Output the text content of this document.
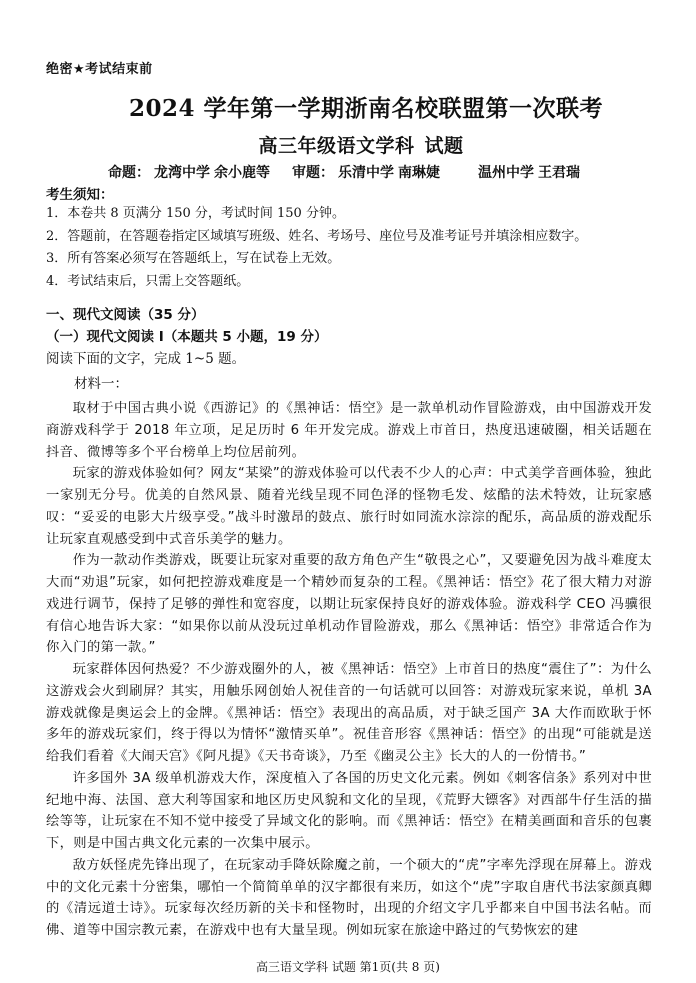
绝密★考试结束前
2024 学年第一学期浙南名校联盟第一次联考
高三年级语文学科 试题
命题： 龙湾中学 余小鹿等 审题： 乐清中学 南琳婕	温州中学 王君瑞
考生须知：
1．本卷共 8 页满分 150 分，考试时间 150 分钟。
2．答题前，在答题卷指定区域填写班级、姓名、考场号、座位号及准考证号并填涂相应数字。
3．所有答案必须写在答题纸上，写在试卷上无效。
4．考试结束后，只需上交答题纸。
一、现代文阅读（35 分）
（一）现代文阅读 I（本题共 5 小题，19 分）
阅读下面的文字，完成 1~5 题。
材料一：

取材于中国古典小说《西游记》的《黑神话：悟空》是一款单机动作冒险游戏，由中国游戏开发商游戏科学于 2018 年立项，足足历时 6 年开发完成。游戏上市首日，热度迅速破圈，相关话题在抖音、微博等多个平台榜单上均位居前列。

玩家的游戏体验如何？网友“某梁”的游戏体验可以代表不少人的心声：中式美学音画体验，独此一家别无分号。优美的自然风景、随着光线呈现不同色泽的怪物毛发、炫酷的法术特效，让玩家感叹：“妥妥的电影大片级享受。”战斗时激昂的鼓点、旅行时如同流水淙淙的配乐，高品质的游戏配乐让玩家直观感受到中式音乐美学的魅力。

作为一款动作类游戏，既要让玩家对重要的敌方角色产生“敬畏之心”，又要避免因为战斗难度太大而“劝退”玩家，如何把控游戏难度是一个精妙而复杂的工程。《黑神话：悟空》花了很大精力对游戏进行调节，保持了足够的弹性和宽容度，以期让玩家保持良好的游戏体验。游戏科学 CEO 冯骥很有信心地告诉大家：“如果你以前从没玩过单机动作冒险游戏，那么《黑神话：悟空》非常适合作为你入门的第一款。”

玩家群体因何热爱？不少游戏圈外的人，被《黑神话：悟空》上市首日的热度“震住了”：为什么这游戏会火到刷屏？其实，用触乐网创始人祝佳音的一句话就可以回答：对游戏玩家来说，单机 3A 游戏就像是奥运会上的金牌。《黑神话：悟空》表现出的高品质，对于缺乏国产 3A 大作而欧耿于怀多年的游戏玩家们，终于得以为情怀“激情买单”。祝佳音形容《黑神话：悟空》的出现“可能就是送给我们看着《大闹天宫》《阿凡提》《天书奇谈》，乃至《幽灵公主》长大的人的一份情书。”

许多国外 3A 级单机游戏大作，深度植入了各国的历史文化元素。例如《刺客信条》系列对中世纪地中海、法国、意大利等国家和地区历史风貌和文化的呈现，《荒野大镖客》对西部牛仔生活的描绘等等，让玩家在不知不觉中接受了异域文化的影响。而《黑神话：悟空》在精美画面和音乐的包裹下，则是中国古典文化元素的一次集中展示。

敌方妖怪虎先锋出现了，在玩家动手降妖除魔之前，一个硕大的“虎”字率先浮现在屏幕上。游戏中的文化元素十分密集，哪怕一个简简单单的汉字都很有来历，如这个“虎”字取自唐代书法家颜真卿的《清远道士诗》。玩家每次经历新的关卡和怪物时，出现的介绍文字几乎都来自中国书法名帖。而佛、道等中国宗教元素，在游戏中也有大量呈现。例如玩家在旅途中路过的气势恢宏的建

高三语文学科 试题 第1页(共 8 页)
